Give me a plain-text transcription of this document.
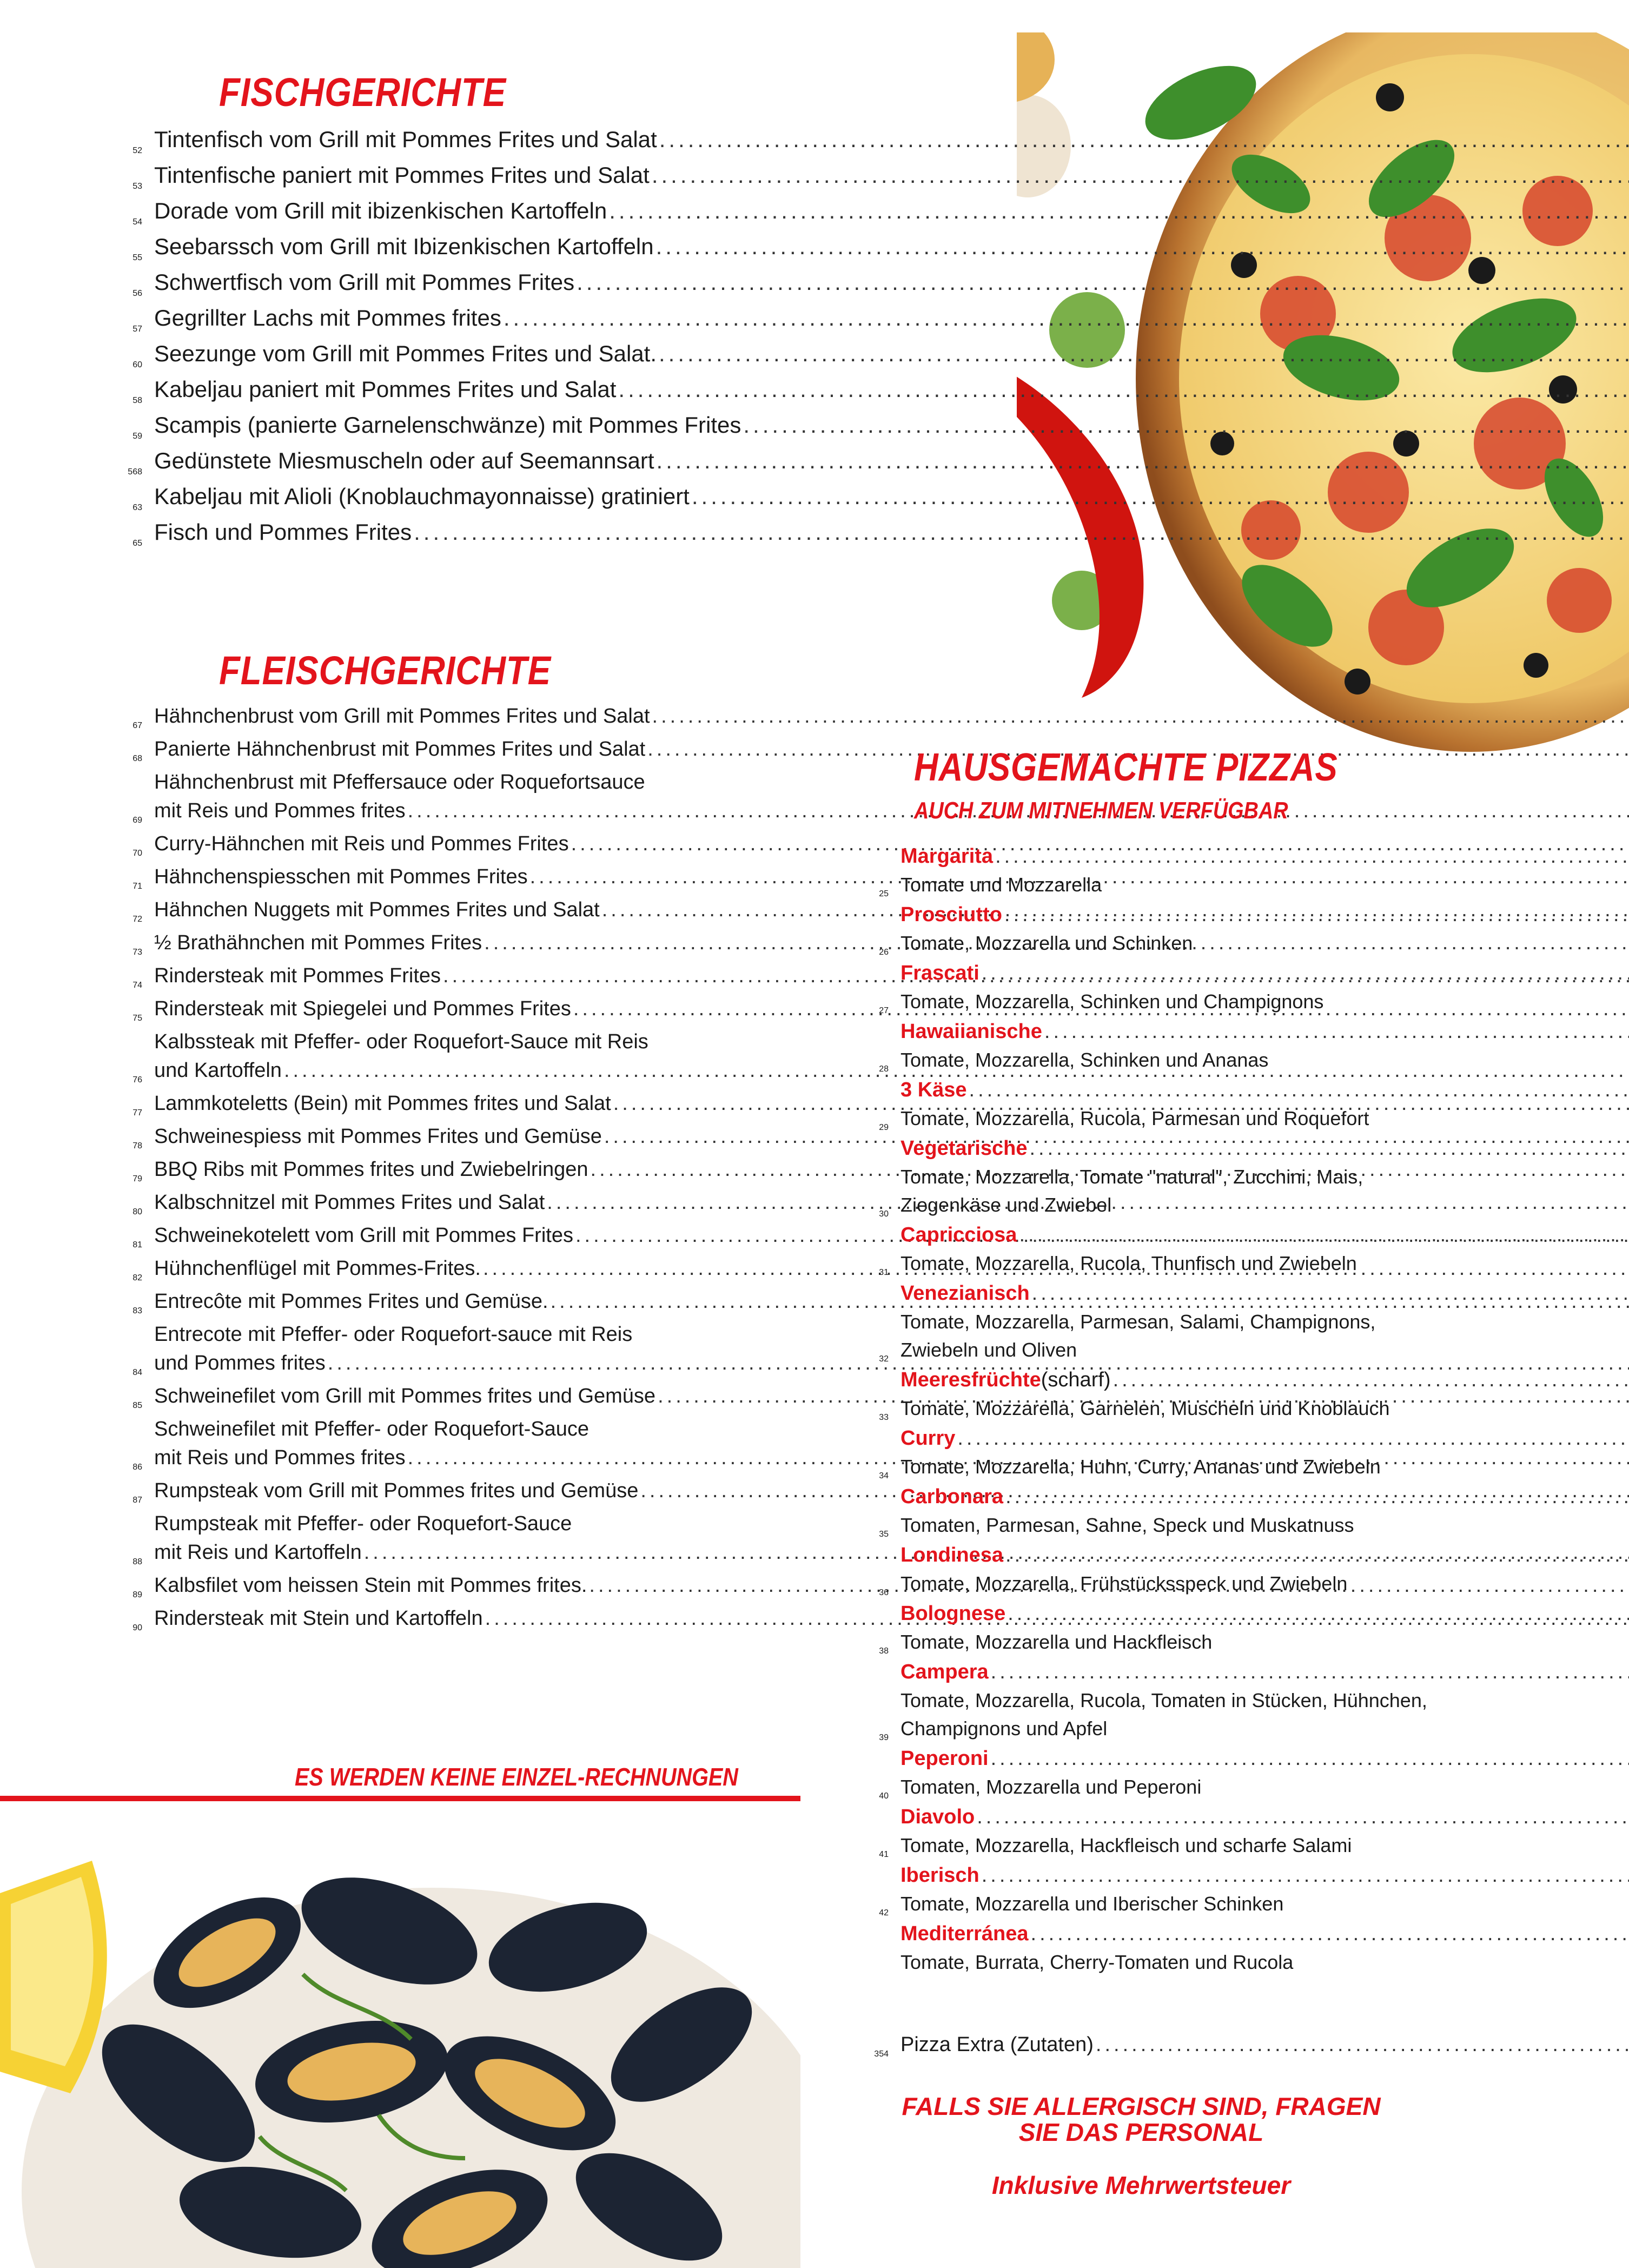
FISCHGERICHTE
52 Tintenfisch vom Grill mit Pommes Frites und Salat
.....
53 Tintenfische paniert mit Pommes Frites und Salat
.....
54 Dorade vom Grill mit ibizenkischen Kartoffeln
.....
55 Seebarssch vom Grill mit Ibizenkischen Kartoffeln
.....
56 Schwertfisch vom Grill mit Pommes Frites
.....
57 Gegrillter Lachs mit Pommes frites
.....
60 Seezunge vom Grill mit Pommes Frites und Salat.
.....
58 Kabeljau paniert mit Pommes Frites und Salat
.....
59 Scampis (panierte Garnelenschwänze) mit Pommes Frites
.....
568 Gedünstete Miesmuscheln oder auf Seemannsart
.....
63 Kabeljau mit Alioli (Knoblauchmayonnaisse) gratiniert
.....
65 Fisch und Pommes Frites
.....
FLEISCHGERICHTE
67 Hähnchenbrust vom Grill mit Pommes Frites und Salat
.....
68 Panierte Hähnchenbrust mit Pommes Frites und Salat
.....
69
Hähnchenbrust mit Pfeffersauce oder Roquefortsauce
mit Reis und Pommes frites
.....
70 Curry-Hähnchen mit Reis und Pommes Frites
.....
71 Hähnchenspiesschen mit Pommes Frites
.....
72 Hähnchen Nuggets mit Pommes Frites und Salat
.....
73 ½ Brathähnchen mit Pommes Frites
.....
74 Rindersteak mit Pommes Frites
.....
75 Rindersteak mit Spiegelei und Pommes Frites
.....
76
Kalbssteak mit Pfeffer- oder Roquefort-Sauce mit Reis
und Kartoffeln
.....
77 Lammkoteletts (Bein) mit Pommes frites und Salat
.....
78 Schweinespiess mit Pommes Frites und Gemüse
.....
79 BBQ Ribs mit Pommes frites und Zwiebelringen
.....
80 Kalbschnitzel mit Pommes Frites und Salat
.....
81 Schweinekotelett vom Grill mit Pommes Frites
.....
82 Hühnchenflügel mit Pommes-Frites.
.....
83 Entrecôte mit Pommes Frites und Gemüse.
.....
84
Entrecote mit Pfeffer- oder Roquefort-sauce mit Reis
und Pommes frites
.....
85 Schweinefilet vom Grill mit Pommes frites und Gemüse
.....
86
Schweinefilet mit Pfeffer- oder Roquefort-Sauce
mit Reis und Pommes frites
.....
87 Rumpsteak vom Grill mit Pommes frites und Gemüse
.....
88
Rumpsteak mit Pfeffer- oder Roquefort-Sauce
mit Reis und Kartoffeln
.....
89 Kalbsfilet vom heissen Stein mit Pommes frites.
.....
90 Rindersteak mit Stein und Kartoffeln
.....
ES WERDEN KEINE EINZEL-RECHNUNGEN
HAUSGEMACHTE PIZZAS
AUCH ZUM MITNEHMEN VERFÜGBAR
25
Margarita
.....
Tomate und Mozzarella
26
Prosciutto
.....
Tomate, Mozzarella und Schinken
27
Frascati
.....
Tomate, Mozzarella, Schinken und Champignons
28
Hawaiianische
.....
Tomate, Mozzarella, Schinken und Ananas
29
3 Käse
.....
Tomate, Mozzarella, Rucola, Parmesan und Roquefort
30
Vegetarische
.....
Tomate, Mozzarella, Tomate "natural", Zucchini, Mais,
Ziegenkäse und Zwiebel
31
Capricciosa
.....
Tomate, Mozzarella, Rucola, Thunfisch und Zwiebeln
32
Venezianisch
.....
Tomate, Mozzarella, Parmesan, Salami, Champignons,
Zwiebeln und Oliven
33
Meeresfrüchte (scharf)
.....
Tomate, Mozzarella, Garnelen, Muscheln und Knoblauch
34
Curry
.....
Tomate, Mozzarella, Huhn, Curry, Ananas und Zwiebeln
35
Carbonara
.....
Tomaten, Parmesan, Sahne, Speck und Muskatnuss
36
Londinesa
.....
Tomate, Mozzarella, Frühstücksspeck und Zwiebeln
38
Bolognese
.....
Tomate, Mozzarella und Hackfleisch
39
Campera
.....
Tomate, Mozzarella, Rucola, Tomaten in Stücken, Hühnchen,
Champignons und Apfel
40
Peperoni
.....
Tomaten, Mozzarella und Peperoni
41
Diavolo
.....
Tomate, Mozzarella, Hackfleisch und scharfe Salami
42
Iberisch
.....
Tomate, Mozzarella und Iberischer Schinken
Mediterránea
.....
Tomate, Burrata, Cherry-Tomaten und Rucola
354 Pizza Extra (Zutaten)
.....
FALLS SIE ALLERGISCH SIND, FRAGEN
SIE DAS PERSONAL
Inklusive Mehrwertsteuer
